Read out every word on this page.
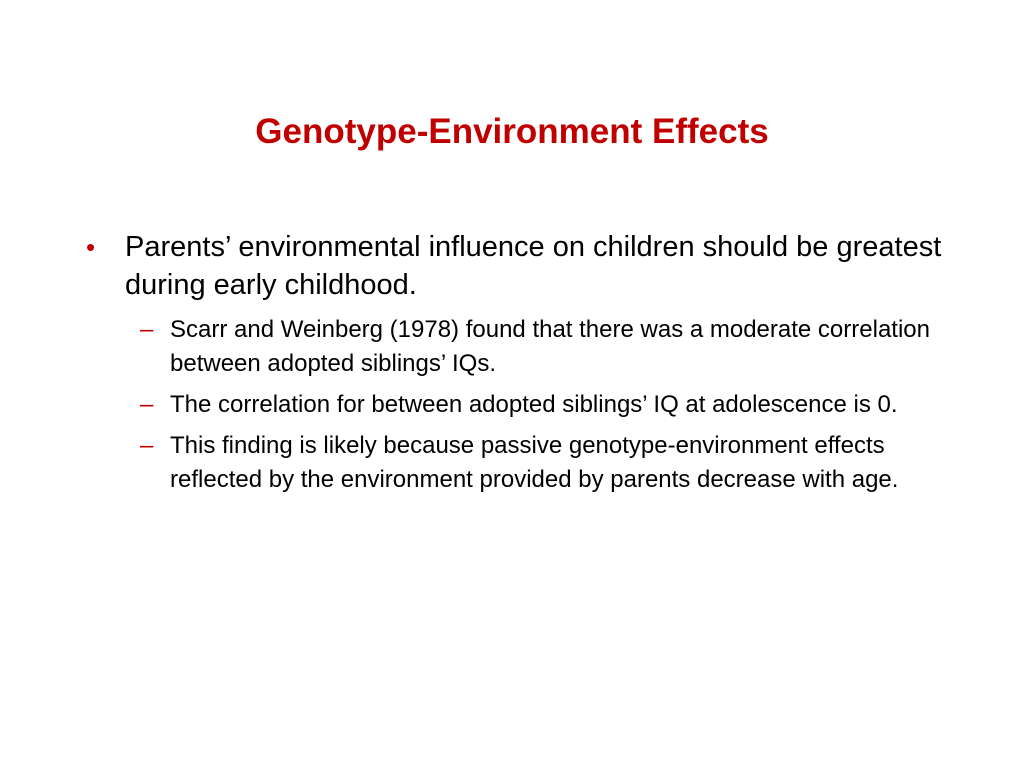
Genotype-Environment Effects
• Parents’ environmental influence on children should be greatest during early childhood.
– Scarr and Weinberg (1978) found that there was a moderate correlation between adopted siblings’ IQs.
– The correlation for between adopted siblings’ IQ at adolescence is 0.
– This finding is likely because passive genotype-environment effects reflected by the environment provided by parents decrease with age.
